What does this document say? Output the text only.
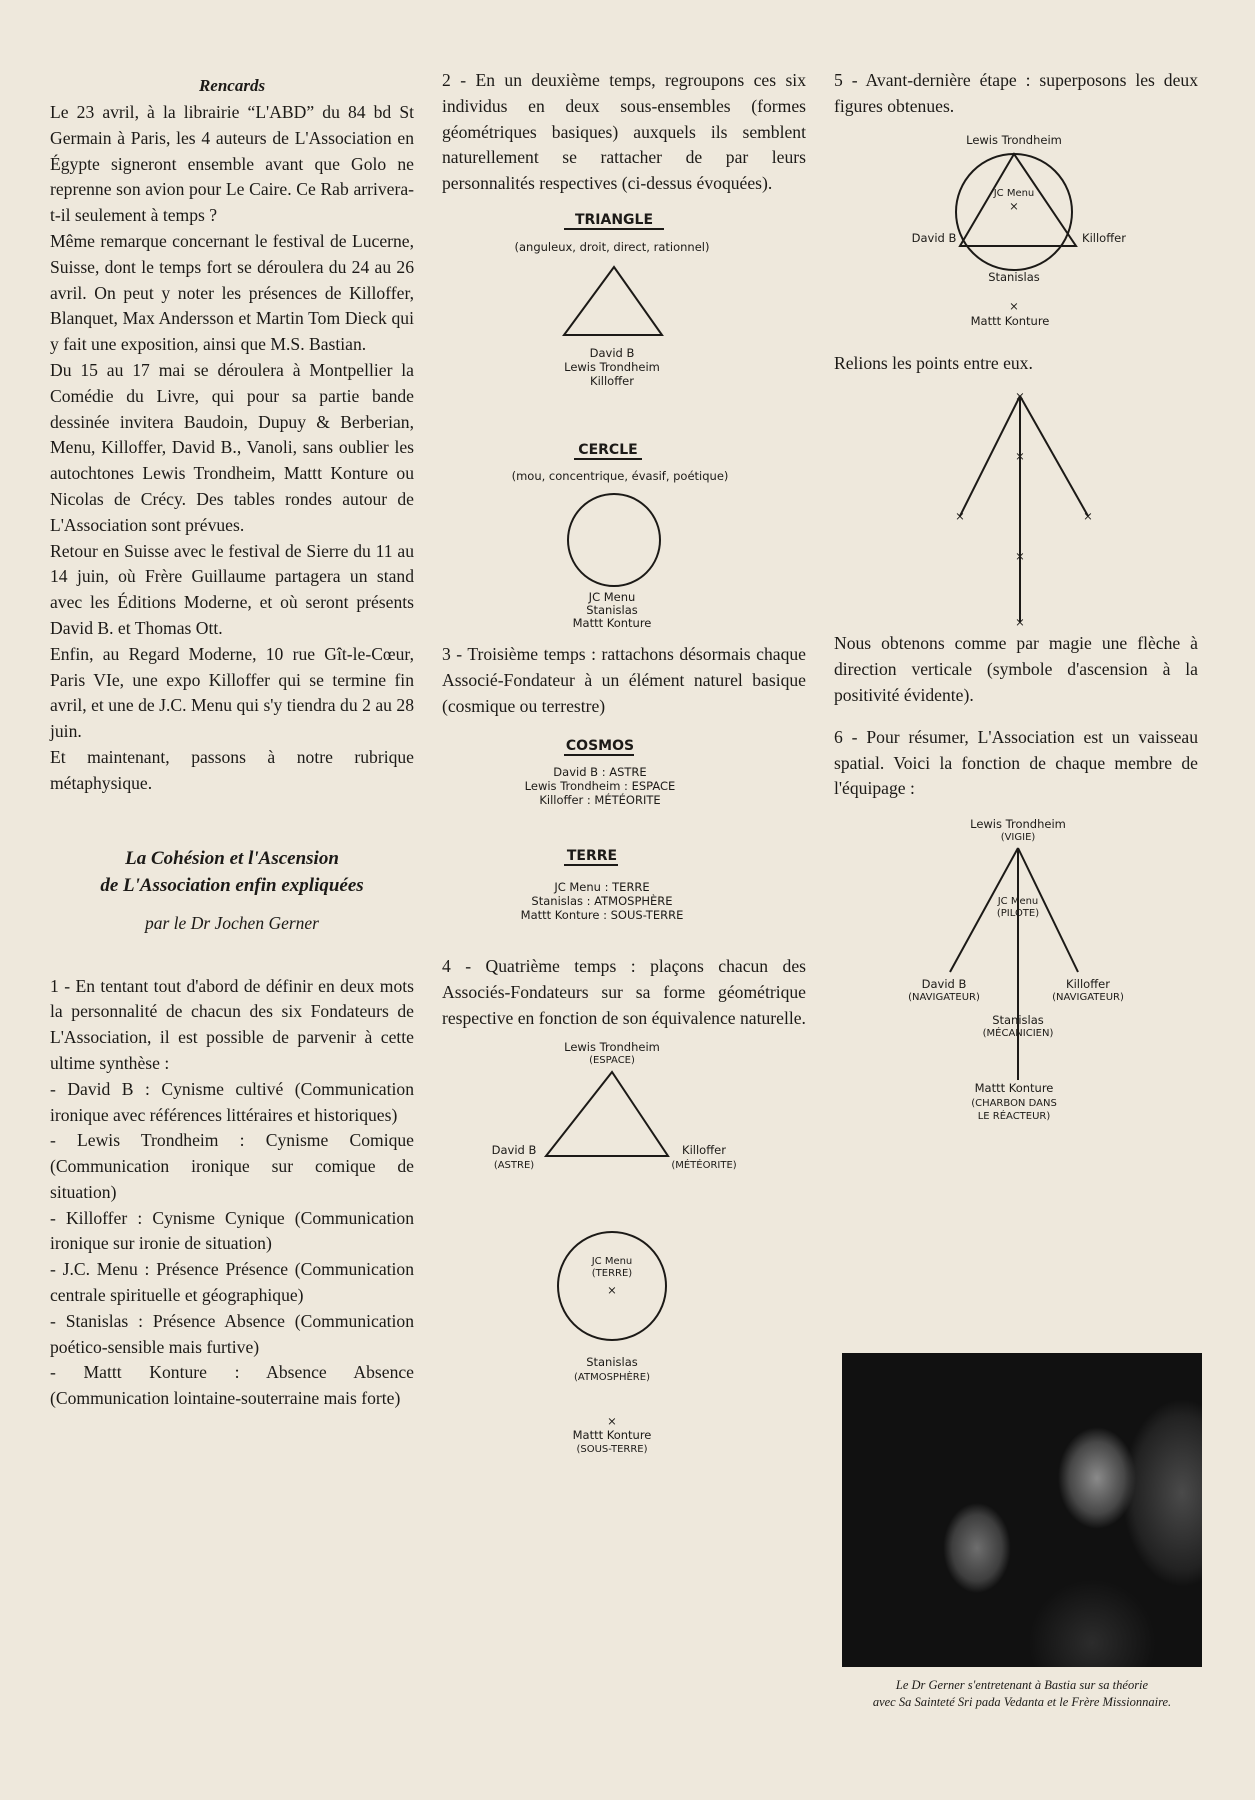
Rencards

Le 23 avril, à la librairie “L'ABD” du 84 bd St Germain à Paris, les 4 auteurs de L'Association en Égypte signeront ensemble avant que Golo ne reprenne son avion pour Le Caire. Ce Rab arrivera-t-il seulement à temps ?

Même remarque concernant le festival de Lucerne, Suisse, dont le temps fort se déroulera du 24 au 26 avril. On peut y noter les présences de Killoffer, Blanquet, Max Andersson et Martin Tom Dieck qui y fait une exposition, ainsi que M.S. Bastian.

Du 15 au 17 mai se déroulera à Montpellier la Comédie du Livre, qui pour sa partie bande dessinée invitera Baudoin, Dupuy & Berberian, Menu, Killoffer, David B., Vanoli, sans oublier les autochtones Lewis Trondheim, Mattt Konture ou Nicolas de Crécy. Des tables rondes autour de L'Association sont prévues.

Retour en Suisse avec le festival de Sierre du 11 au 14 juin, où Frère Guillaume partagera un stand avec les Éditions Moderne, et où seront présents David B. et Thomas Ott.

Enfin, au Regard Moderne, 10 rue Gît-le-Cœur, Paris VIe, une expo Killoffer qui se termine fin avril, et une de J.C. Menu qui s'y tiendra du 2 au 28 juin.

Et maintenant, passons à notre rubrique métaphysique.

La Cohésion et l'Ascension

de L'Association enfin expliquées

par le Dr Jochen Gerner

1 - En tentant tout d'abord de définir en deux mots la personnalité de chacun des six Fondateurs de L'Association, il est possible de parvenir à cette ultime synthèse :

- David B : Cynisme cultivé (Communication ironique avec références littéraires et historiques)

- Lewis Trondheim : Cynisme Comique (Communication ironique sur comique de situation)

- Killoffer : Cynisme Cynique (Communication ironique sur ironie de situation)

- J.C. Menu : Présence Présence (Communication centrale spirituelle et géographique)

- Stanislas : Présence Absence (Communication poético-sensible mais furtive)

- Mattt Konture : Absence Absence (Communication lointaine-souterraine mais forte)

2 - En un deuxième temps, regroupons ces six individus en deux sous-ensembles (formes géométriques basiques) auxquels ils semblent naturellement se rattacher de par leurs personnalités respectives (ci-dessus évoquées).

TRIANGLE
(anguleux, droit, direct, rationnel)
David B
Lewis Trondheim
Killoffer
CERCLE
(mou, concentrique, évasif, poétique)
JC Menu
Stanislas
Mattt Konture

3 - Troisième temps : rattachons désormais chaque Associé-Fondateur à un élément naturel basique (cosmique ou terrestre)

COSMOS
David B : ASTRE
Lewis Trondheim : ESPACE
Killoffer : MÉTÉORITE
TERRE
JC Menu : TERRE
Stanislas : ATMOSPHÈRE
Mattt Konture : SOUS-TERRE

4 - Quatrième temps : plaçons chacun des Associés-Fondateurs sur sa forme géométrique respective en fonction de son équivalence naturelle.

Lewis Trondheim
(ESPACE)
David B
(ASTRE)
Killoffer
(MÉTÉORITE)
JC Menu
(TERRE)
×
Stanislas
(ATMOSPHÈRE)
×
Mattt Konture
(SOUS-TERRE)

5 - Avant-dernière étape : superposons les deux figures obtenues.

Lewis Trondheim
JC Menu
×
David B	Killoffer
Stanislas
×
Mattt Konture

Relions les points entre eux.

×
×	×
×
×
×

Nous obtenons comme par magie une flèche à direction verticale (symbole d'ascension à la positivité évidente).

6 - Pour résumer, L'Association est un vaisseau spatial. Voici la fonction de chaque membre de l'équipage :

Lewis Trondheim
(VIGIE)
JC Menu
(PILOTE)
David B
(NAVIGATEUR)
Killoffer
(NAVIGATEUR)
Stanislas
(MÉCANICIEN)
Mattt Konture
(CHARBON DANS
LE RÉACTEUR)
Le Dr Gerner s'entretenant à Bastia sur sa théorie
avec Sa Sainteté Sri pada Vedanta et le Frère Missionnaire.
